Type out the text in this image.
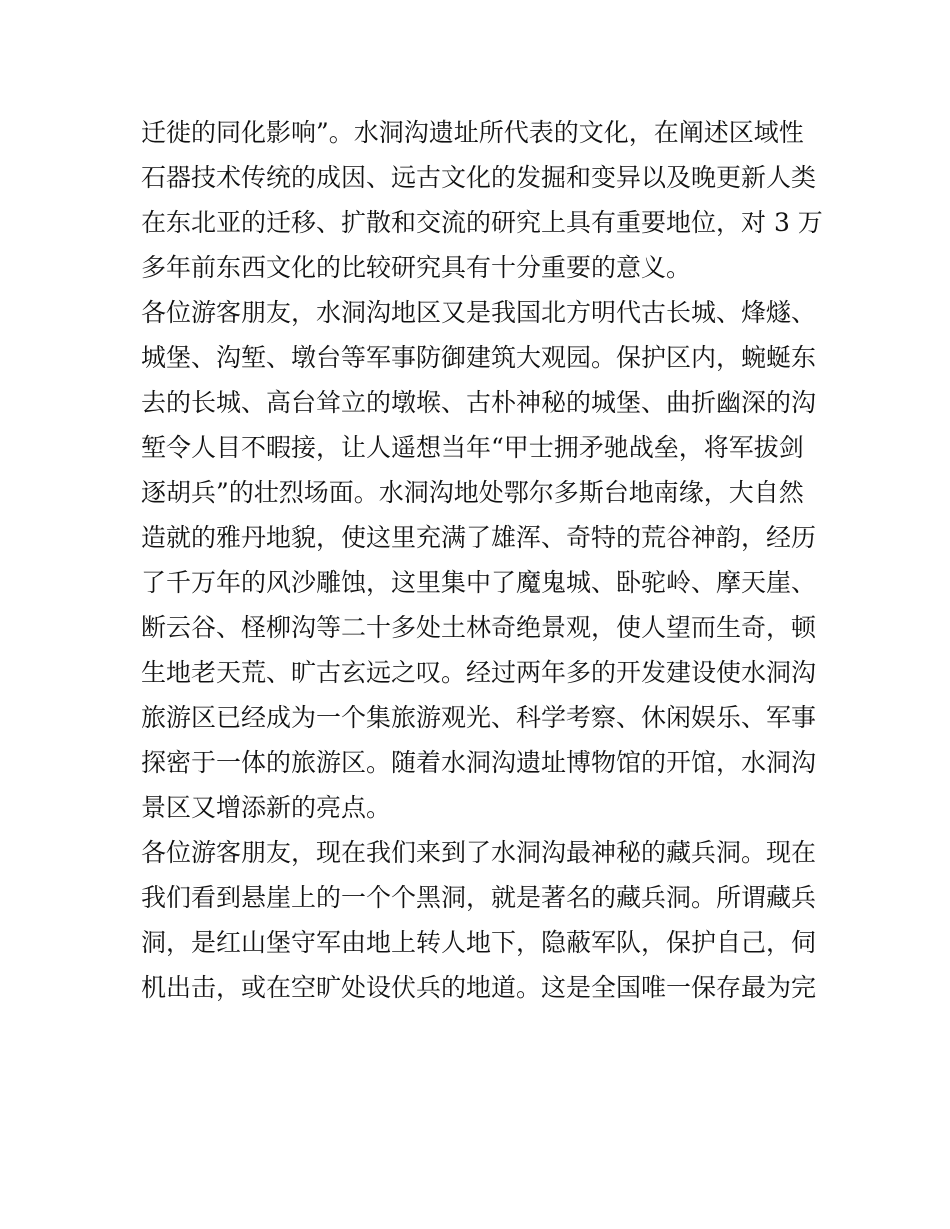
迁徙的同化影响”。水洞沟遗址所代表的文化，在阐述区域性
石器技术传统的成因、远古文化的发掘和变异以及晚更新人类
在东北亚的迁移、扩散和交流的研究上具有重要地位，对 3 万
多年前东西文化的比较研究具有十分重要的意义。
各位游客朋友，水洞沟地区又是我国北方明代古长城、烽燧、
城堡、沟堑、墩台等军事防御建筑大观园。保护区内，蜿蜒东
去的长城、高台耸立的墩堠、古朴神秘的城堡、曲折幽深的沟
堑令人目不暇接，让人遥想当年“甲士拥矛驰战垒，将军拔剑
逐胡兵”的壮烈场面。水洞沟地处鄂尔多斯台地南缘，大自然
造就的雅丹地貌，使这里充满了雄浑、奇特的荒谷神韵，经历
了千万年的风沙雕蚀，这里集中了魔鬼城、卧驼岭、摩天崖、
断云谷、柽柳沟等二十多处土林奇绝景观，使人望而生奇，顿
生地老天荒、旷古玄远之叹。经过两年多的开发建设使水洞沟
旅游区已经成为一个集旅游观光、科学考察、休闲娱乐、军事
探密于一体的旅游区。随着水洞沟遗址博物馆的开馆，水洞沟
景区又增添新的亮点。
各位游客朋友，现在我们来到了水洞沟最神秘的藏兵洞。现在
我们看到悬崖上的一个个黑洞，就是著名的藏兵洞。所谓藏兵
洞，是红山堡守军由地上转人地下，隐蔽军队，保护自己，伺
机出击，或在空旷处设伏兵的地道。这是全国唯一保存最为完
